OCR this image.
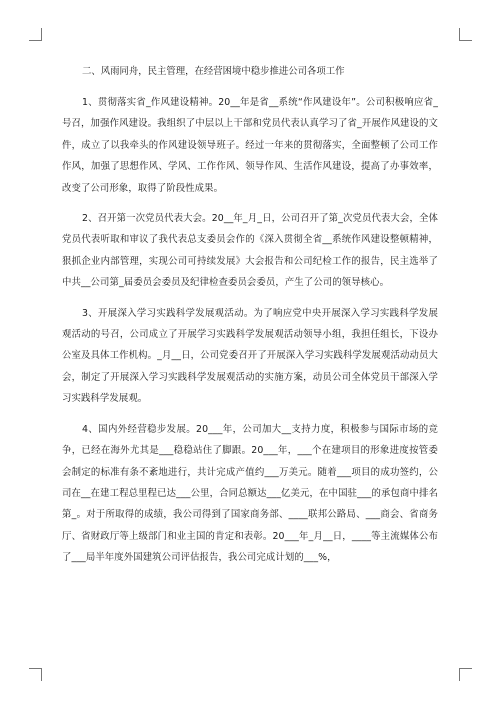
二、风雨同舟，民主管理，在经营困境中稳步推进公司各项工作

1、贯彻落实省_作风建设精神。20__年是省__系统“作风建设年”。公司积极响应省_号召，加强作风建设。我组织了中层以上干部和党员代表认真学习了省_开展作风建设的文件，成立了以我牵头的作风建设领导班子。经过一年来的贯彻落实，全面整顿了公司工作作风，加强了思想作风、学风、工作作风、领导作风、生活作风建设，提高了办事效率，改变了公司形象，取得了阶段性成果。

2、召开第一次党员代表大会。20__年_月_日，公司召开了第_次党员代表大会，全体党员代表听取和审议了我代表总支委员会作的《深入贯彻全省__系统作风建设整顿精神，狠抓企业内部管理，实现公司可持续发展》大会报告和公司纪检工作的报告，民主选举了中共__公司第_届委员会委员及纪律检查委员会委员，产生了公司的领导核心。

3、开展深入学习实践科学发展观活动。为了响应党中央开展深入学习实践科学发展观活动的号召，公司成立了开展学习实践科学发展观活动领导小组，我担任组长，下设办公室及具体工作机构。_月__日，公司党委召开了开展深入学习实践科学发展观活动动员大会，制定了开展深入学习实践科学发展观活动的实施方案，动员公司全体党员干部深入学习实践科学发展观。

4、国内外经营稳步发展。20___年，公司加大__支持力度，积极参与国际市场的竞争，已经在海外尤其是___稳稳站住了脚跟。20___年，___个在建项目的形象进度按管委会制定的标准有条不紊地进行，共计完成产值约___万美元。随着___项目的成功签约，公司在__在建工程总里程已达___公里，合同总额达___亿美元，在中国驻___的承包商中排名第_。对于所取得的成绩，我公司得到了国家商务部、____联邦公路局、___商会、省商务厅、省财政厅等上级部门和业主国的肯定和表彰。20___年_月__日，____等主流媒体公布了___局半年度外国建筑公司评估报告，我公司完成计划的___%，
